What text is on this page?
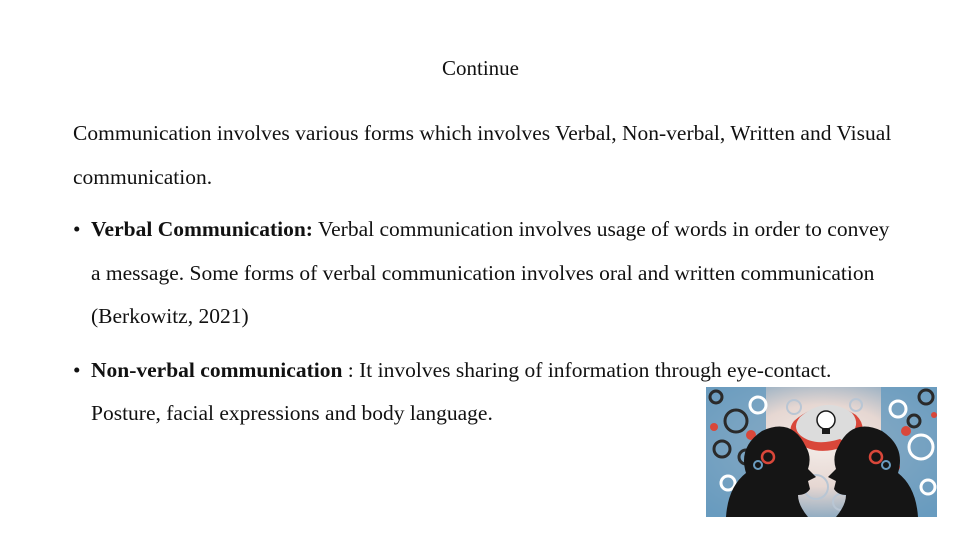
Continue

Communication involves various forms which involves Verbal, Non-verbal, Written and Visual communication.

• Verbal Communication: Verbal communication involves usage of words in order to convey a message. Some forms of verbal communication involves oral and written communication (Berkowitz, 2021)
• Non-verbal communication : It involves sharing of information through eye-contact. Posture, facial expressions and body language.
